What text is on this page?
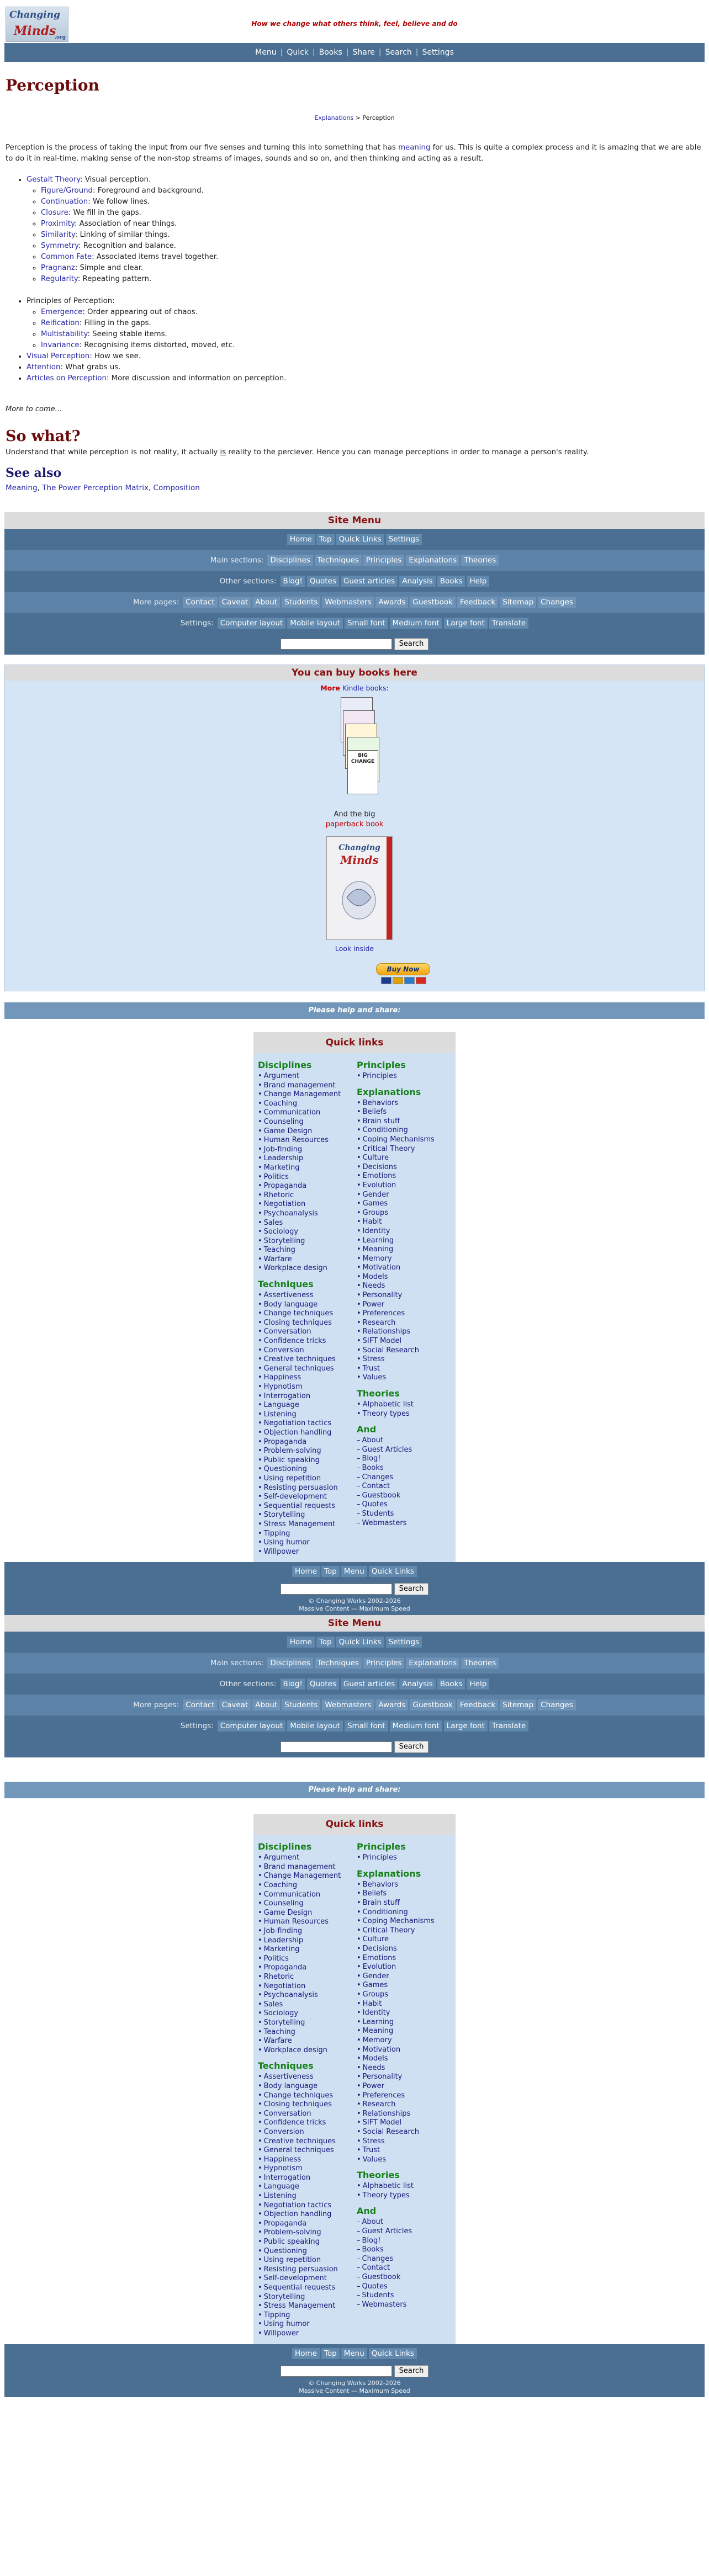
Changing
Minds
.org
How we change what others think, feel, believe and do
Menu | Quick | Books | Share | Search | Settings
Perception
Explanations > Perception

Perception is the process of taking the input from our five senses and turning this into something that has meaning for us. This is quite a complex process and it is amazing that we are able to do it in real-time, making sense of the non-stop streams of images, sounds and so on, and then thinking and acting as a result.

• Gestalt Theory: Visual perception.
◦ Figure/Ground: Foreground and background.
◦ Continuation: We follow lines.
◦ Closure: We fill in the gaps.
◦ Proximity: Association of near things.
◦ Similarity: Linking of similar things.
◦ Symmetry: Recognition and balance.
◦ Common Fate: Associated items travel together.
◦ Pragnanz: Simple and clear.
◦ Regularity: Repeating pattern.
• Principles of Perception:
◦ Emergence: Order appearing out of chaos.
◦ Reification: Filling in the gaps.
◦ Multistability: Seeing stable items.
◦ Invariance: Recognising items distorted, moved, etc.
• Visual Perception: How we see.
• Attention: What grabs us.
• Articles on Perception: More discussion and information on perception.
More to come...
So what?

Understand that while perception is not reality, it actually is reality to the perciever. Hence you can manage perceptions in order to manage a person's reality.

See also
Meaning, The Power Perception Matrix, Composition
Site Menu
Home Top Quick Links Settings
Main sections: Disciplines Techniques Principles Explanations Theories
Other sections: Blog! Quotes Guest articles Analysis Books Help
More pages: Contact Caveat About Students Webmasters Awards Guestbook Feedback Sitemap Changes
Settings: Computer layout Mobile layout Small font Medium font Large font Translate
Search
You can buy books here
More Kindle books:
BIG CHANGE
And the big
paperback book
Changing
Minds
Look inside
Buy Now
Please help and share:
Quick links
Disciplines
• Argument
• Brand management
• Change Management
• Coaching
• Communication
• Counseling
• Game Design
• Human Resources
• Job-finding
• Leadership
• Marketing
• Politics
• Propaganda
• Rhetoric
• Negotiation
• Psychoanalysis
• Sales
• Sociology
• Storytelling
• Teaching
• Warfare
• Workplace design
Techniques
• Assertiveness
• Body language
• Change techniques
• Closing techniques
• Conversation
• Confidence tricks
• Conversion
• Creative techniques
• General techniques
• Happiness
• Hypnotism
• Interrogation
• Language
• Listening
• Negotiation tactics
• Objection handling
• Propaganda
• Problem-solving
• Public speaking
• Questioning
• Using repetition
• Resisting persuasion
• Self-development
• Sequential requests
• Storytelling
• Stress Management
• Tipping
• Using humor
• Willpower
Principles
• Principles
Explanations
• Behaviors
• Beliefs
• Brain stuff
• Conditioning
• Coping Mechanisms
• Critical Theory
• Culture
• Decisions
• Emotions
• Evolution
• Gender
• Games
• Groups
• Habit
• Identity
• Learning
• Meaning
• Memory
• Motivation
• Models
• Needs
• Personality
• Power
• Preferences
• Research
• Relationships
• SIFT Model
• Social Research
• Stress
• Trust
• Values
Theories
• Alphabetic list
• Theory types
And
– About
– Guest Articles
– Blog!
– Books
– Changes
– Contact
– Guestbook
– Quotes
– Students
– Webmasters
Home Top Menu Quick Links
Search
© Changing Works 2002-2026
Massive Content — Maximum Speed
Site Menu
Home Top Quick Links Settings
Main sections: Disciplines Techniques Principles Explanations Theories
Other sections: Blog! Quotes Guest articles Analysis Books Help
More pages: Contact Caveat About Students Webmasters Awards Guestbook Feedback Sitemap Changes
Settings: Computer layout Mobile layout Small font Medium font Large font Translate
Search
Please help and share:
Quick links
Disciplines
• Argument
• Brand management
• Change Management
• Coaching
• Communication
• Counseling
• Game Design
• Human Resources
• Job-finding
• Leadership
• Marketing
• Politics
• Propaganda
• Rhetoric
• Negotiation
• Psychoanalysis
• Sales
• Sociology
• Storytelling
• Teaching
• Warfare
• Workplace design
Techniques
• Assertiveness
• Body language
• Change techniques
• Closing techniques
• Conversation
• Confidence tricks
• Conversion
• Creative techniques
• General techniques
• Happiness
• Hypnotism
• Interrogation
• Language
• Listening
• Negotiation tactics
• Objection handling
• Propaganda
• Problem-solving
• Public speaking
• Questioning
• Using repetition
• Resisting persuasion
• Self-development
• Sequential requests
• Storytelling
• Stress Management
• Tipping
• Using humor
• Willpower
Principles
• Principles
Explanations
• Behaviors
• Beliefs
• Brain stuff
• Conditioning
• Coping Mechanisms
• Critical Theory
• Culture
• Decisions
• Emotions
• Evolution
• Gender
• Games
• Groups
• Habit
• Identity
• Learning
• Meaning
• Memory
• Motivation
• Models
• Needs
• Personality
• Power
• Preferences
• Research
• Relationships
• SIFT Model
• Social Research
• Stress
• Trust
• Values
Theories
• Alphabetic list
• Theory types
And
– About
– Guest Articles
– Blog!
– Books
– Changes
– Contact
– Guestbook
– Quotes
– Students
– Webmasters
Home Top Menu Quick Links
Search
© Changing Works 2002-2026
Massive Content — Maximum Speed
